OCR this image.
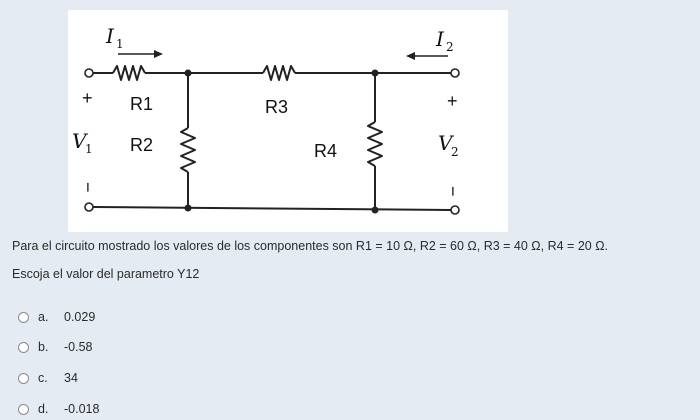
I 1	I 2
V
1	V
2
R1
R2
R3
R4
+	+
−	−
Para el circuito mostrado los valores de los componentes son R1 = 10 Ω, R2 = 60 Ω, R3 = 40 Ω, R4 = 20 Ω.
Escoja el valor del parametro Y12
a.	0.029
b.	-0.58
c.	34
d.	-0.018
